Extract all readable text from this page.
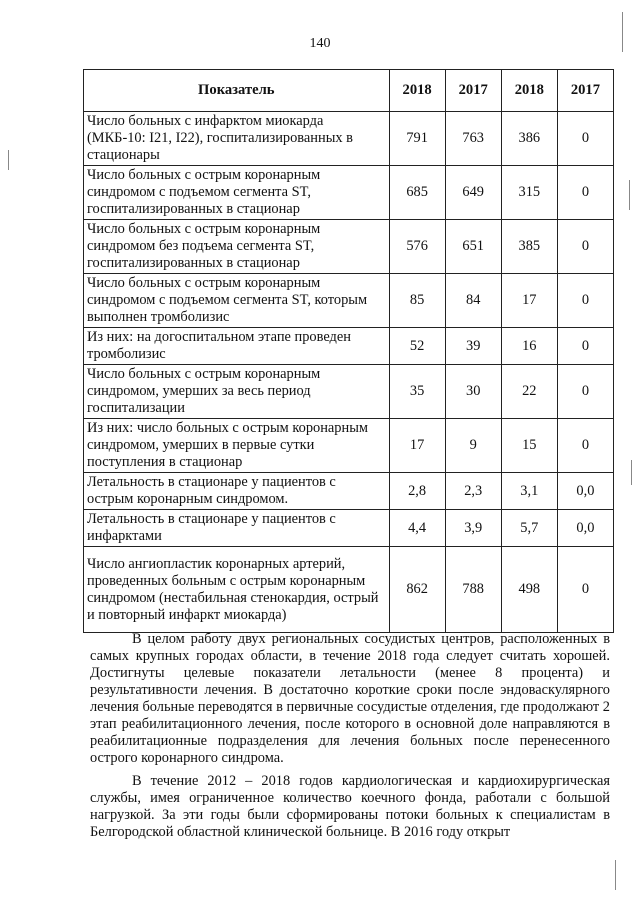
140
Показатель	2018	2017	2018	2017
Число больных с инфарктом миокарда (МКБ-10: I21, I22), госпитализированных в стационары	791	763	386	0
Число больных с острым коронарным синдромом с подъемом сегмента ST, госпитализированных в стационар	685	649	315	0
Число больных с острым коронарным синдромом без подъема сегмента ST, госпитализированных в стационар	576	651	385	0
Число больных с острым коронарным синдромом с подъемом сегмента ST, которым выполнен тромболизис	85	84	17	0
Из них: на догоспитальном этапе проведен тромболизис	52	39	16	0
Число больных с острым коронарным синдромом, умерших за весь период госпитализации	35	30	22	0
Из них: число больных с острым коронарным синдромом, умерших в первые сутки поступления в стационар	17	9	15	0
Летальность в стационаре у пациентов с острым коронарным синдромом.	2,8	2,3	3,1	0,0
Летальность в стационаре у пациентов с инфарктами	4,4	3,9	5,7	0,0
Число ангиопластик коронарных артерий, проведенных больным с острым коронарным синдромом (нестабильная стенокардия, острый и повторный инфаркт миокарда)	862	788	498	0

В целом работу двух региональных сосудистых центров, расположенных в самых крупных городах области, в течение 2018 года следует считать хорошей. Достигнуты целевые показатели летальности (менее 8 процента) и результативности лечения. В достаточно короткие сроки после эндоваскулярного лечения больные переводятся в первичные сосудистые отделения, где продолжают 2 этап реабилитационного лечения, после которого в основной доле направляются в реабилитационные подразделения для лечения больных после перенесенного острого коронарного синдрома.

В течение 2012 – 2018 годов кардиологическая и кардиохирургическая службы, имея ограниченное количество коечного фонда, работали с большой нагрузкой. За эти годы были сформированы потоки больных к специалистам в Белгородской областной клинической больнице. В 2016 году открыт
